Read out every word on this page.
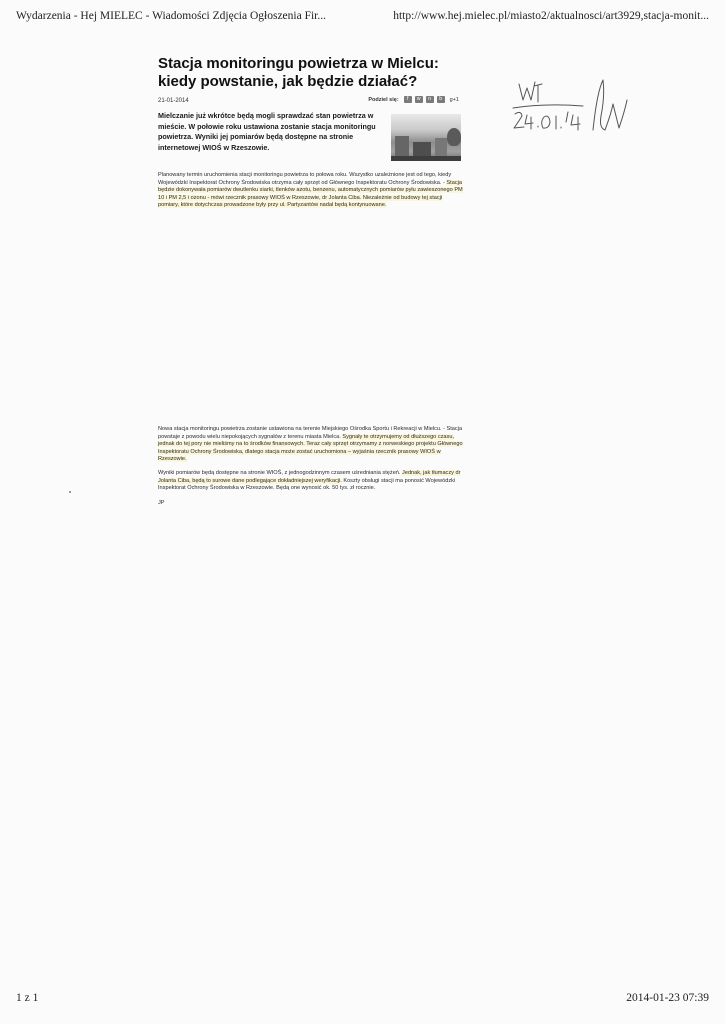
Wydarzenia - Hej MIELEC - Wiadomości Zdjęcia Ogłoszenia Fir...	http://www.hej.mielec.pl/miasto2/aktualnosci/art3929,stacja-monit...
Stacja monitoringu powietrza w Mielcu:
kiedy powstanie, jak będzie działać?
21-01-2014	Podziel się:	f	w	n	b	g+1

Mielczanie już wkrótce będą mogli sprawdzać stan powietrza w mieście. W połowie roku ustawiona zostanie stacja monitoringu powietrza. Wyniki jej pomiarów będą dostępne na stronie internetowej WIOŚ w Rzeszowie.

Planowany termin uruchomienia stacji monitoringu powietrza to połowa roku. Wszystko uzależnione jest od tego, kiedy Wojewódzki Inspektorat Ochrony Środowiska otrzyma cały sprzęt od Głównego Inspektoratu Ochrony Środowiska. - Stacja będzie dokonywała pomiarów dwutlenku siarki, tlenków azotu, benzenu, automatycznych pomiarów pyłu zawieszonego PM 10 i PM 2,5 i ozonu - mówi rzecznik prasowy WIOŚ w Rzeszowie, dr Jolanta Ciba. Niezależnie od budowy tej stacji pomiary, które dotychczas prowadzone były przy ul. Partyzantów nadal będą kontynuowane.

Nowa stacja monitoringu powietrza zostanie ustawiona na terenie Miejskiego Ośrodka Sportu i Rekreacji w Mielcu. - Stacja powstaje z powodu wielu niepokojących sygnałów z terenu miasta Mielca. Sygnały te otrzymujemy od dłuższego czasu, jednak do tej pory nie mieliśmy na to środków finansowych. Teraz cały sprzęt otrzymamy z norweskiego projektu Głównego Inspektoratu Ochrony Środowiska, dlatego stacja może zostać uruchomiona – wyjaśnia rzecznik prasowy WIOŚ w Rzeszowie.

Wyniki pomiarów będą dostępne na stronie WIOŚ, z jednogodzinnym czasem uśredniania stężeń. Jednak, jak tłumaczy dr Jolanta Ciba, będą to surowe dane podlegające dokładniejszej weryfikacji. Koszty obsługi stacji ma ponosić Wojewódzki Inspektorat Ochrony Środowiska w Rzeszowie. Będą one wynosić ok. 50 tys. zł rocznie.

JP
1 z 1	2014-01-23 07:39
